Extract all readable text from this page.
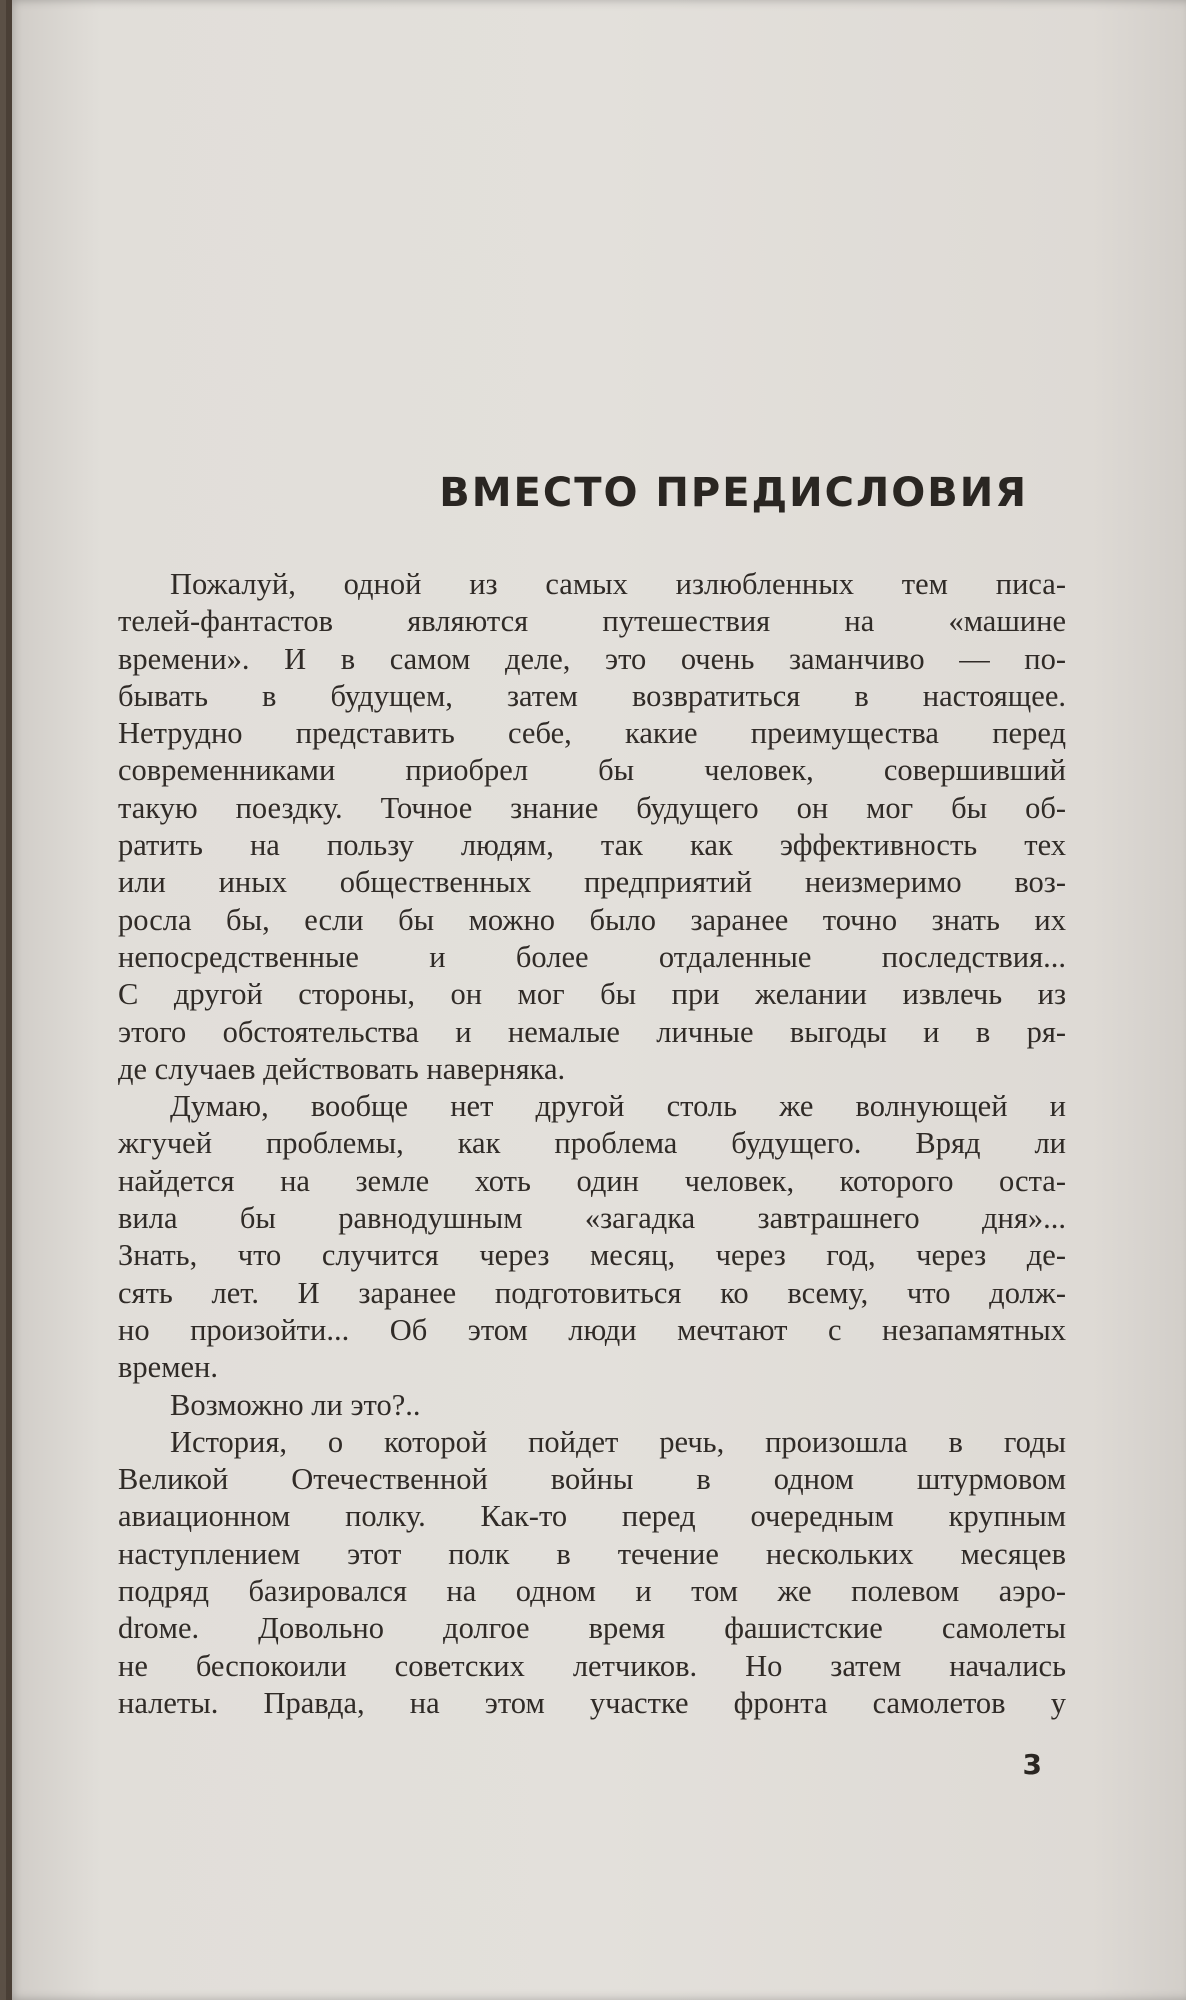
ВМЕСТО ПРЕДИСЛОВИЯ
Пожалуй, одной из самых излюбленных тем писа-
телей-фантастов являются путешествия на «машине
времени». И в самом деле, это очень заманчиво — по-
бывать в будущем, затем возвратиться в настоящее.
Нетрудно представить себе, какие преимущества перед
современниками приобрел бы человек, совершивший
такую поездку. Точное знание будущего он мог бы об-
ратить на пользу людям, так как эффективность тех
или иных общественных предприятий неизмеримо воз-
росла бы, если бы можно было заранее точно знать их
непосредственные и более отдаленные последствия...
С другой стороны, он мог бы при желании извлечь из
этого обстоятельства и немалые личные выгоды и в ря-
де случаев действовать наверняка.
Думаю, вообще нет другой столь же волнующей и
жгучей проблемы, как проблема будущего. Вряд ли
найдется на земле хоть один человек, которого оста-
вила бы равнодушным «загадка завтрашнего дня»...
Знать, что случится через месяц, через год, через де-
сять лет. И заранее подготовиться ко всему, что долж-
но произойти... Об этом люди мечтают с незапамятных
времен.
Возможно ли это?..
История, о которой пойдет речь, произошла в годы
Великой Отечественной войны в одном штурмовом
авиационном полку. Как-то перед очередным крупным
наступлением этот полк в течение нескольких месяцев
подряд базировался на одном и том же полевом аэро-
droме. Довольно долгое время фашистские самолеты
не беспокоили советских летчиков. Но затем начались
налеты. Правда, на этом участке фронта самолетов у
3
